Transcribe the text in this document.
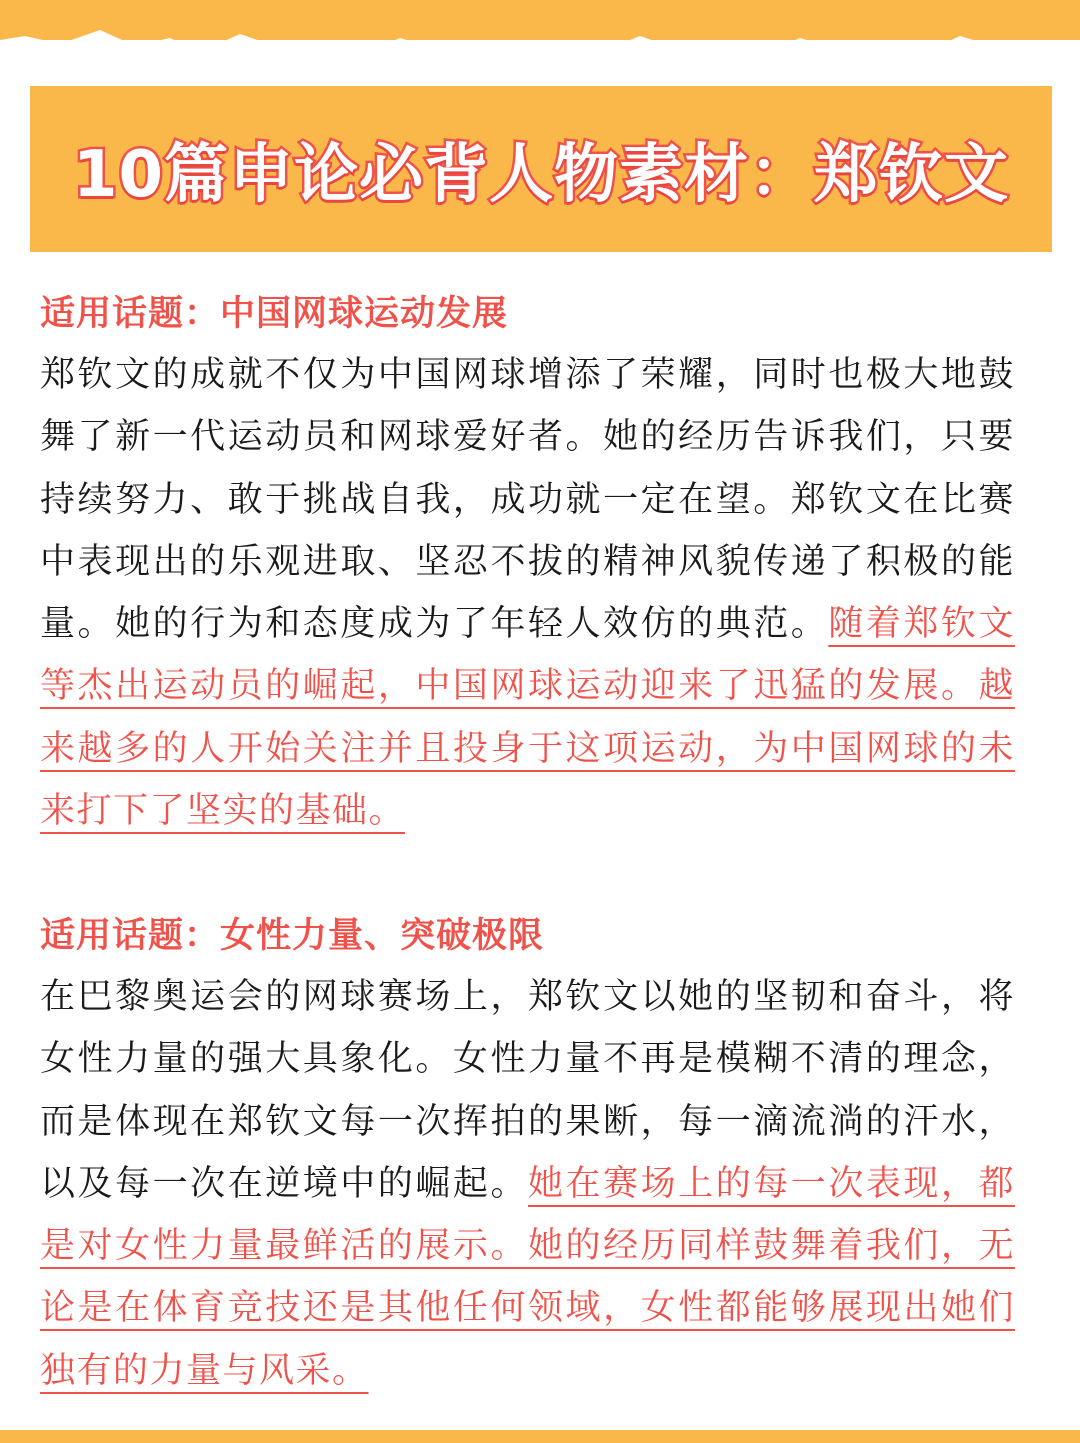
10篇申论必背人物素材：郑钦文
适用话题：中国网球运动发展

郑钦文的成就不仅为中国网球增添了荣耀，同时也极大地鼓舞了新一代运动员和网球爱好者。她的经历告诉我们，只要持续努力、敢于挑战自我，成功就一定在望。郑钦文在比赛中表现出的乐观进取、坚忍不拔的精神风貌传递了积极的能量。她的行为和态度成为了年轻人效仿的典范。随着郑钦文等杰出运动员的崛起，中国网球运动迎来了迅猛的发展。越来越多的人开始关注并且投身于这项运动，为中国网球的未来打下了坚实的基础。

适用话题：女性力量、突破极限

在巴黎奥运会的网球赛场上，郑钦文以她的坚韧和奋斗，将女性力量的强大具象化。女性力量不再是模糊不清的理念，而是体现在郑钦文每一次挥拍的果断，每一滴流淌的汗水，以及每一次在逆境中的崛起。她在赛场上的每一次表现，都是对女性力量最鲜活的展示。她的经历同样鼓舞着我们，无论是在体育竞技还是其他任何领域，女性都能够展现出她们独有的力量与风采。
